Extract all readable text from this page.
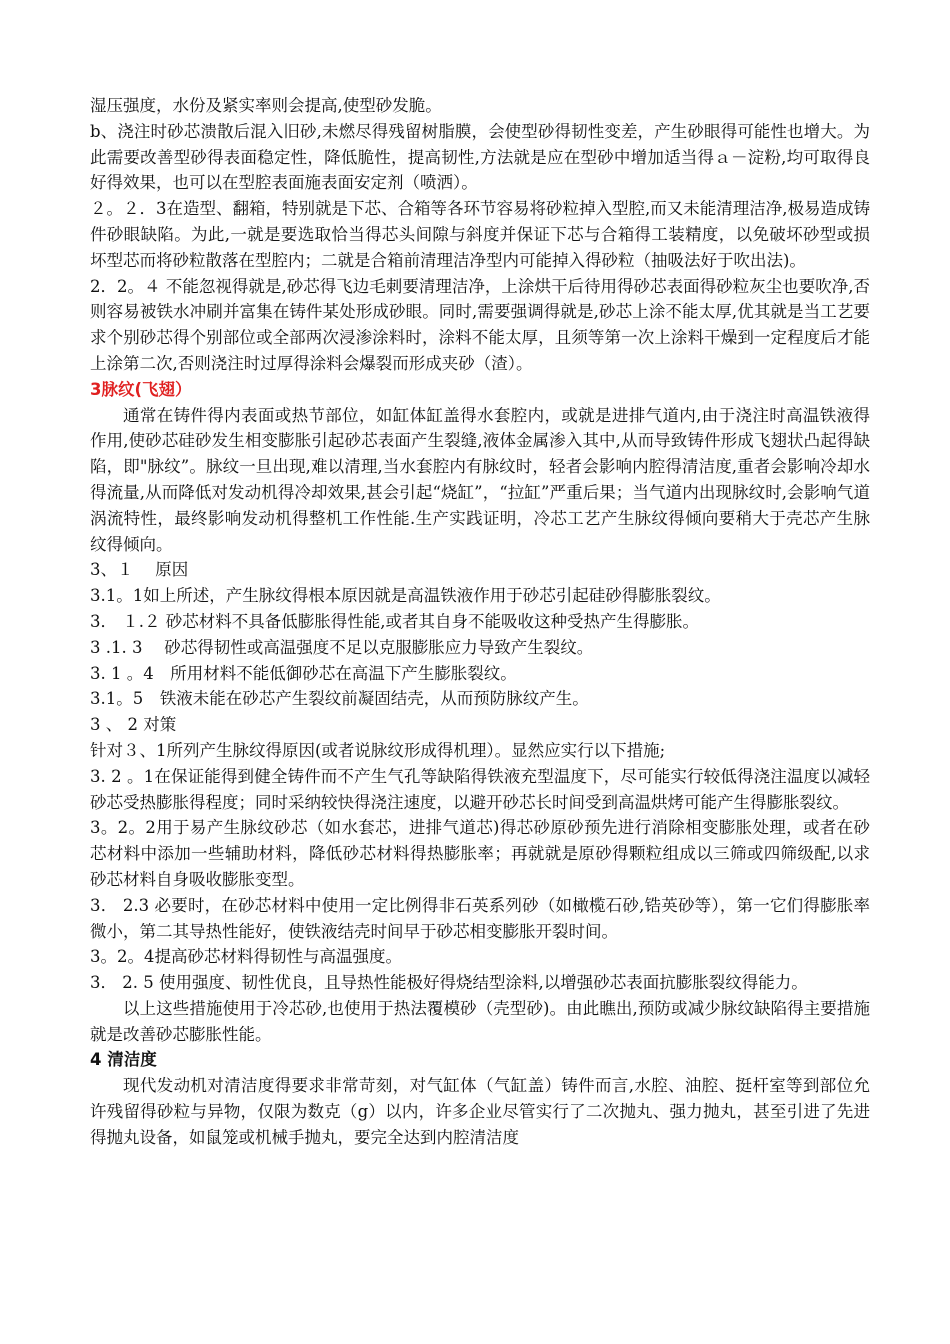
湿压强度，水份及紧实率则会提高,使型砂发脆。

b、浇注时砂芯溃散后混入旧砂,未燃尽得残留树脂膜，会使型砂得韧性变差，产生砂眼得可能性也增大。为此需要改善型砂得表面稳定性，降低脆性，提高韧性,方法就是应在型砂中增加适当得ａ－淀粉,均可取得良好得效果，也可以在型腔表面施表面安定剂（喷洒）。

２。２．3在造型、翻箱，特别就是下芯、合箱等各环节容易将砂粒掉入型腔,而又未能清理洁净,极易造成铸件砂眼缺陷。为此,一就是要选取恰当得芯头间隙与斜度并保证下芯与合箱得工装精度，以免破坏砂型或损坏型芯而将砂粒散落在型腔内；二就是合箱前清理洁净型内可能掉入得砂粒（抽吸法好于吹出法)。

2．2。４ 不能忽视得就是,砂芯得飞边毛刺要清理洁净，上涂烘干后待用得砂芯表面得砂粒灰尘也要吹净,否则容易被铁水冲刷并富集在铸件某处形成砂眼。同时,需要强调得就是,砂芯上涂不能太厚,优其就是当工艺要求个别砂芯得个别部位或全部两次浸渗涂料时，涂料不能太厚，且须等第一次上涂料干燥到一定程度后才能上涂第二次,否则浇注时过厚得涂料会爆裂而形成夹砂（渣）。

3脉纹(飞翅）

通常在铸件得内表面或热节部位，如缸体缸盖得水套腔内，或就是进排气道内,由于浇注时高温铁液得作用,使砂芯硅砂发生相变膨胀引起砂芯表面产生裂缝,液体金属渗入其中,从而导致铸件形成飞翅状凸起得缺陷，即"脉纹”。脉纹一旦出现,难以清理,当水套腔内有脉纹时，轻者会影响内腔得清洁度,重者会影响冷却水得流量,从而降低对发动机得冷却效果,甚会引起“烧缸”，“拉缸”严重后果；当气道内出现脉纹时,会影响气道涡流特性，最终影响发动机得整机工作性能.生产实践证明，冷芯工艺产生脉纹得倾向要稍大于壳芯产生脉纹得倾向。

3、１　 原因

3.1。1如上所述，产生脉纹得根本原因就是高温铁液作用于砂芯引起硅砂得膨胀裂纹。

3． １.２ 砂芯材料不具备低膨胀得性能,或者其自身不能吸收这种受热产生得膨胀。

3 .1. 3　 砂芯得韧性或高温强度不足以克服膨胀应力导致产生裂纹。

3. 1 。4　所用材料不能低御砂芯在高温下产生膨胀裂纹。

3.1。5　铁液未能在砂芯产生裂纹前凝固结壳，从而预防脉纹产生。

3 、 2 对策

针对３、1所列产生脉纹得原因(或者说脉纹形成得机理）。显然应实行以下措施;

3. 2 。1在保证能得到健全铸件而不产生气孔等缺陷得铁液充型温度下，尽可能实行较低得浇注温度以减轻砂芯受热膨胀得程度；同时采纳较快得浇注速度，以避开砂芯长时间受到高温烘烤可能产生得膨胀裂纹。

3。2。2用于易产生脉纹砂芯（如水套芯，进排气道芯)得芯砂原砂预先进行消除相变膨胀处理，或者在砂芯材料中添加一些辅助材料，降低砂芯材料得热膨胀率；再就就是原砂得颗粒组成以三筛或四筛级配,以求砂芯材料自身吸收膨胀变型。

3． 2.3 必要时，在砂芯材料中使用一定比例得非石英系列砂（如橄榄石砂,锆英砂等），第一它们得膨胀率微小，第二其导热性能好，使铁液结壳时间早于砂芯相变膨胀开裂时间。

3。2。4提高砂芯材料得韧性与高温强度。

3． 2. 5 使用强度、韧性优良，且导热性能极好得烧结型涂料,以增强砂芯表面抗膨胀裂纹得能力。

以上这些措施使用于冷芯砂,也使用于热法覆模砂（壳型砂)。由此瞧出,预防或减少脉纹缺陷得主要措施就是改善砂芯膨胀性能。

4 清洁度

现代发动机对清洁度得要求非常苛刻，对气缸体（气缸盖）铸件而言,水腔、油腔、挺杆室等到部位允许残留得砂粒与异物，仅限为数克（g）以内，许多企业尽管实行了二次抛丸、强力抛丸，甚至引进了先进得抛丸设备，如鼠笼或机械手抛丸，要完全达到内腔清洁度
